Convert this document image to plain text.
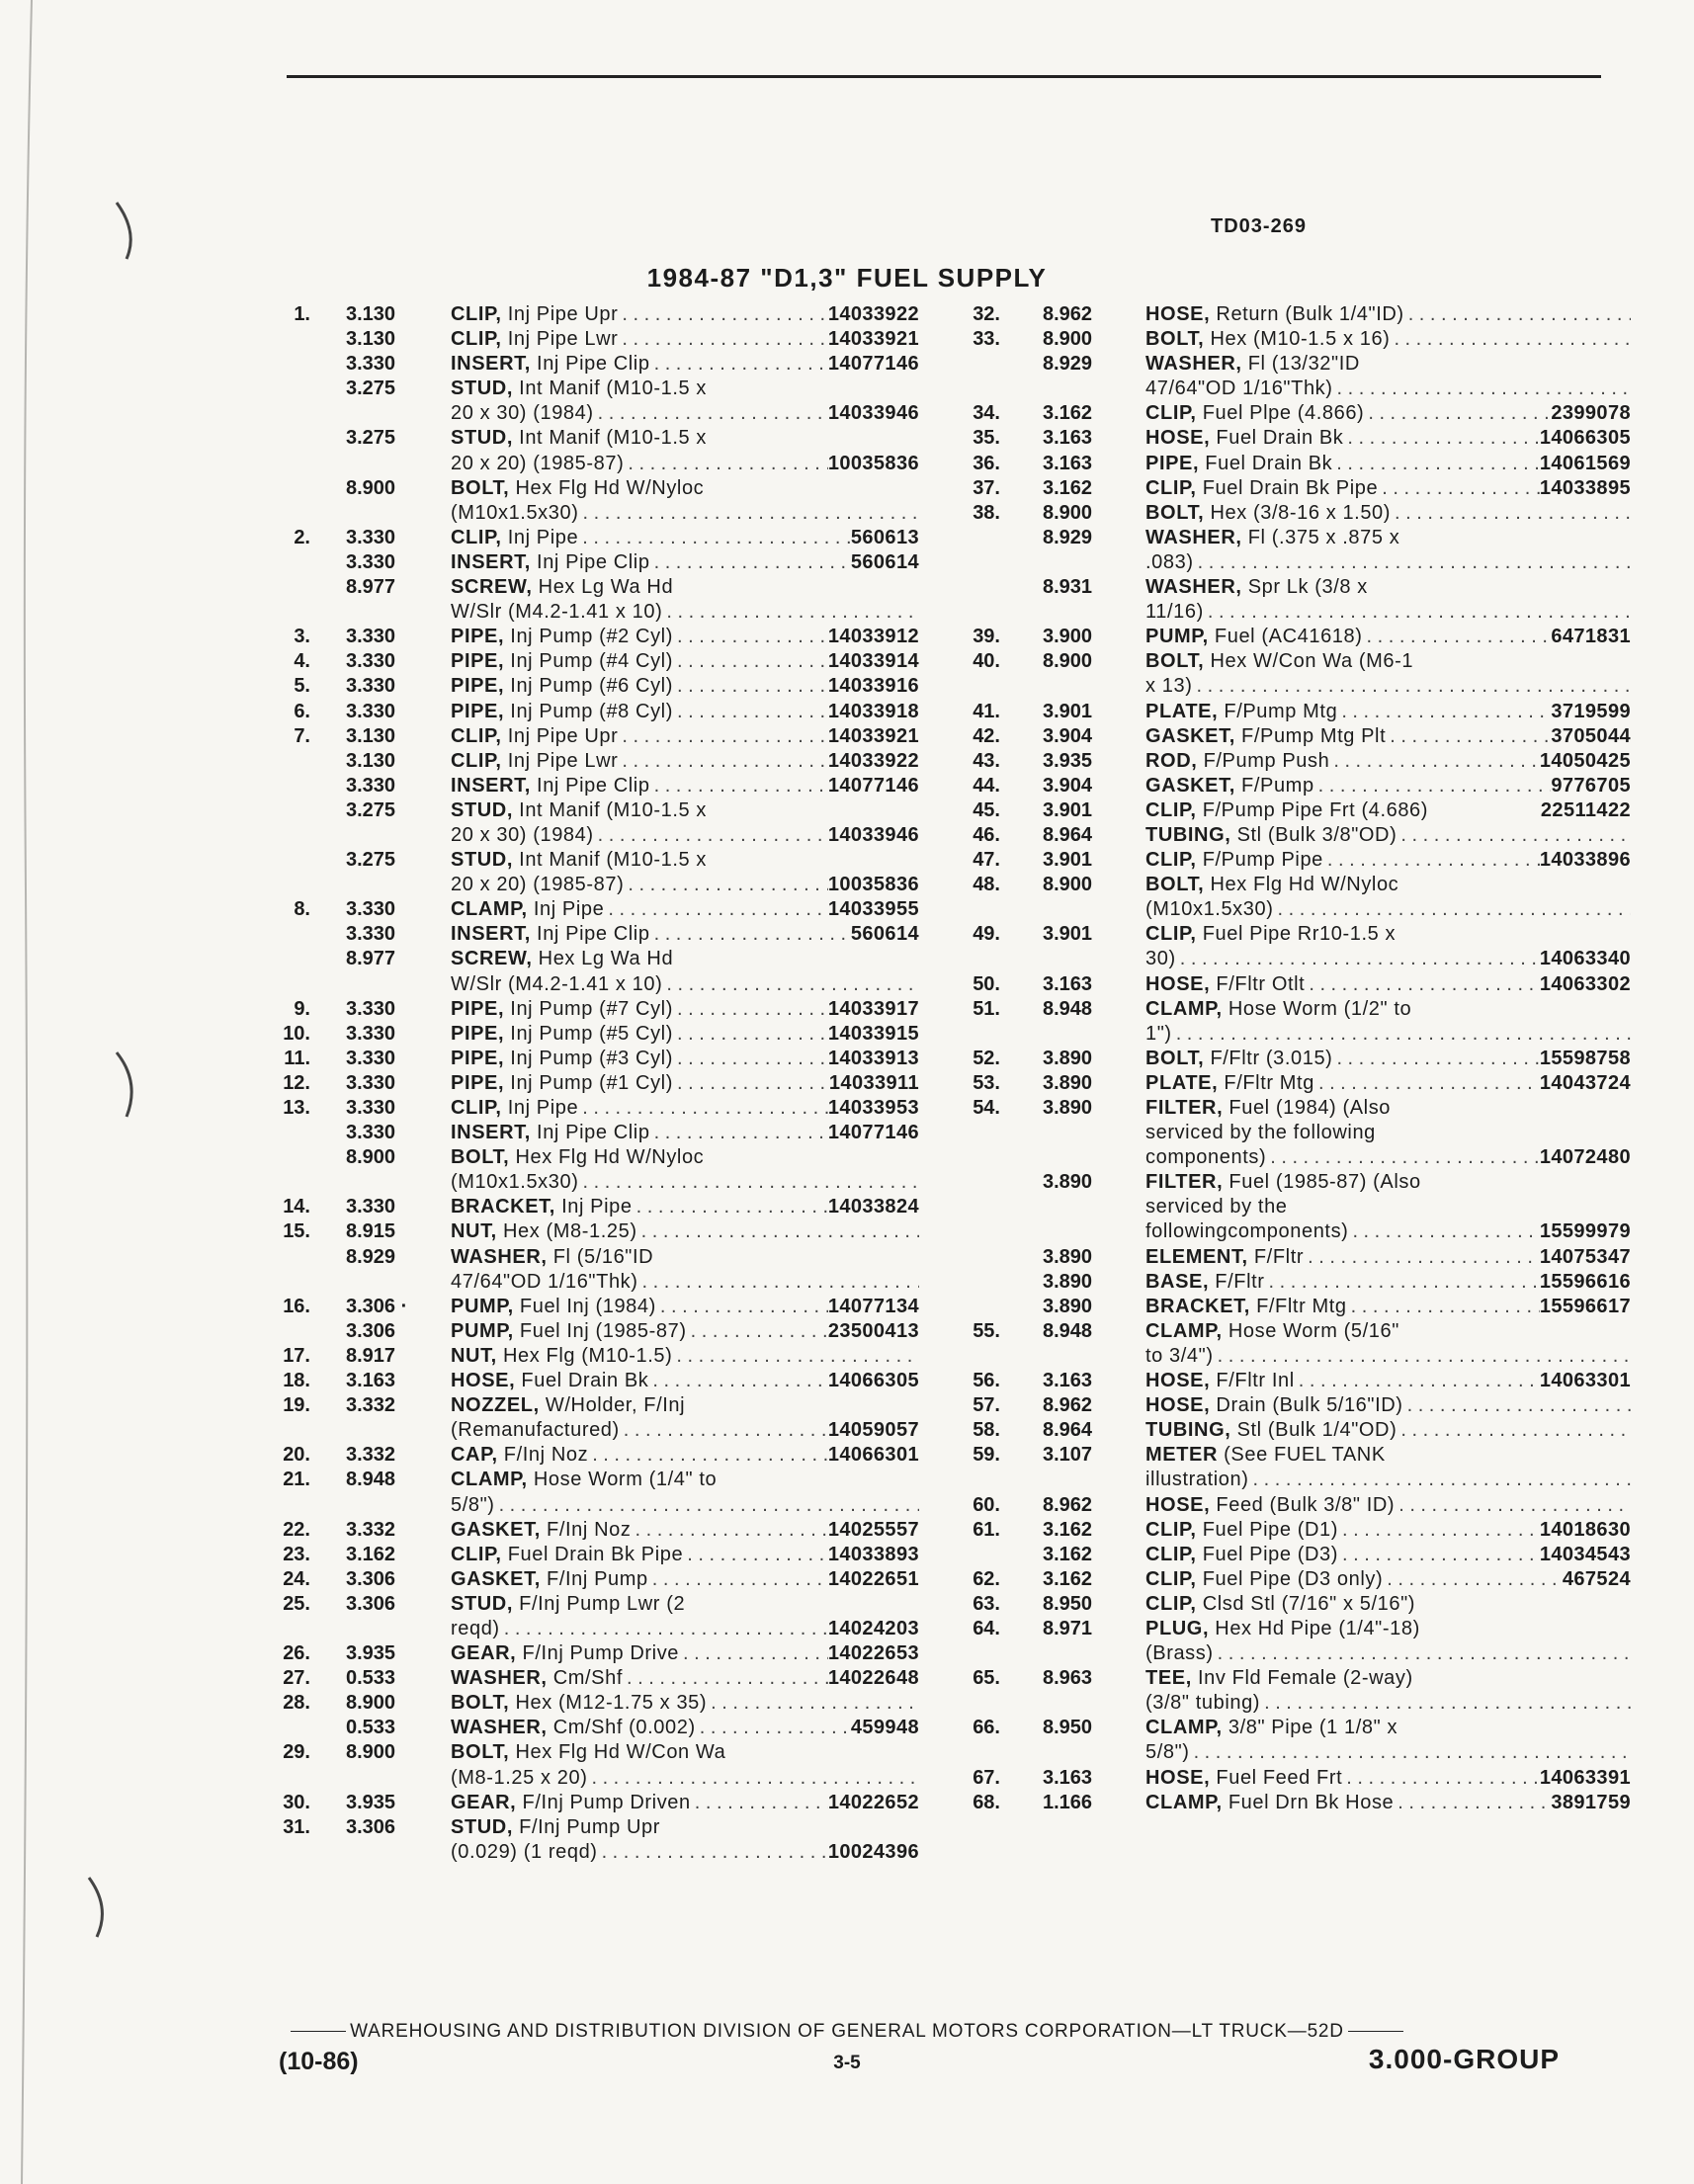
TD03-269
1984-87 "D1,3" FUEL SUPPLY
1. 3.130	CLIP, Inj Pipe Upr . . .	14033922
3.130	CLIP, Inj Pipe Lwr . . .	14033921
3.330	INSERT, Inj Pipe Clip . . .	14077146
3.275	STUD, Int Manif (M10-1.5 x
20 x 30) (1984) . . .	14033946
3.275	STUD, Int Manif (M10-1.5 x
20 x 20) (1985-87) . . .	10035836
8.900	BOLT, Hex Flg Hd W/Nyloc
(M10x1.5x30)
. . .
2. 3.330	CLIP, Inj Pipe . . .	560613
3.330	INSERT, Inj Pipe Clip . . .	560614
8.977	SCREW, Hex Lg Wa Hd
W/Slr (M4.2-1.41 x 10)
. . .
3. 3.330	PIPE, Inj Pump (#2 Cyl) . . .	14033912
4. 3.330	PIPE, Inj Pump (#4 Cyl) . . .	14033914
5. 3.330	PIPE, Inj Pump (#6 Cyl) . . .	14033916
6. 3.330	PIPE, Inj Pump (#8 Cyl) . . .	14033918
7. 3.130	CLIP, Inj Pipe Upr . . .	14033921
3.130	CLIP, Inj Pipe Lwr . . .	14033922
3.330	INSERT, Inj Pipe Clip . . .	14077146
3.275	STUD, Int Manif (M10-1.5 x
20 x 30) (1984) . . .	14033946
3.275	STUD, Int Manif (M10-1.5 x
20 x 20) (1985-87) . . .	10035836
8. 3.330	CLAMP, Inj Pipe . . .	14033955
3.330	INSERT, Inj Pipe Clip . . .	560614
8.977	SCREW, Hex Lg Wa Hd
W/Slr (M4.2-1.41 x 10)
. . .
9. 3.330	PIPE, Inj Pump (#7 Cyl) . . .	14033917
10. 3.330	PIPE, Inj Pump (#5 Cyl) . . .	14033915
11. 3.330	PIPE, Inj Pump (#3 Cyl) . . .	14033913
12. 3.330	PIPE, Inj Pump (#1 Cyl) . . .	14033911
13. 3.330	CLIP, Inj Pipe . . .	14033953
3.330	INSERT, Inj Pipe Clip . . .	14077146
8.900	BOLT, Hex Flg Hd W/Nyloc
(M10x1.5x30)
. . .
14. 3.330	BRACKET, Inj Pipe . . .	14033824
15. 8.915	NUT, Hex (M8-1.25)
. . .
8.929	WASHER, Fl (5/16"ID
47/64"OD 1/16"Thk)
. . .
16. 3.306 · PUMP, Fuel Inj (1984) . . .	14077134
3.306	PUMP, Fuel Inj (1985-87) . . .	23500413
17. 8.917	NUT, Hex Flg (M10-1.5)
. . .
18. 3.163	HOSE, Fuel Drain Bk . . .	14066305
19. 3.332	NOZZEL, W/Holder, F/Inj
(Remanufactured) . . .	14059057
20. 3.332	CAP, F/Inj Noz . . .	14066301
21. 8.948	CLAMP, Hose Worm (1/4" to
5/8")
. . .
22. 3.332	GASKET, F/Inj Noz . . .	14025557
23. 3.162	CLIP, Fuel Drain Bk Pipe . . .	14033893
24. 3.306	GASKET, F/Inj Pump . . .	14022651
25. 3.306	STUD, F/Inj Pump Lwr (2
reqd) . . .	14024203
26. 3.935	GEAR, F/Inj Pump Drive . . .	14022653
27. 0.533	WASHER, Cm/Shf . . .	14022648
28. 8.900	BOLT, Hex (M12-1.75 x 35)
. . .
0.533	WASHER, Cm/Shf (0.002) . . .	459948
29. 8.900	BOLT, Hex Flg Hd W/Con Wa
(M8-1.25 x 20)
. . .
30. 3.935	GEAR, F/Inj Pump Driven . . .	14022652
31. 3.306	STUD, F/Inj Pump Upr
(0.029) (1 reqd) . . .	10024396
32. 8.962	HOSE, Return (Bulk 1/4"ID)
. . .
33. 8.900	BOLT, Hex (M10-1.5 x 16)
. . .
8.929	WASHER, Fl (13/32"ID
47/64"OD 1/16"Thk)
. . .
34. 3.162	CLIP, Fuel Plpe (4.866) . . .	2399078
35. 3.163	HOSE, Fuel Drain Bk . . .	14066305
36. 3.163	PIPE, Fuel Drain Bk . . .	14061569
37. 3.162	CLIP, Fuel Drain Bk Pipe . . .	14033895
38. 8.900	BOLT, Hex (3/8-16 x 1.50)
. . .
8.929	WASHER, Fl (.375 x .875 x
.083)
. . .
8.931	WASHER, Spr Lk (3/8 x
11/16)
. . .
39. 3.900	PUMP, Fuel (AC41618) . . .	6471831
40. 8.900	BOLT, Hex W/Con Wa (M6-1
x 13)
. . .
41. 3.901	PLATE, F/Pump Mtg . . .	3719599
42. 3.904	GASKET, F/Pump Mtg Plt . . .	3705044
43. 3.935	ROD, F/Pump Push . . .	14050425
44. 3.904	GASKET, F/Pump . . .	9776705
45. 3.901	CLIP, F/Pump Pipe Frt (4.686)	22511422
46. 8.964	TUBING, Stl (Bulk 3/8"OD)
. . .
47. 3.901	CLIP, F/Pump Pipe . . .	14033896
48. 8.900	BOLT, Hex Flg Hd W/Nyloc
(M10x1.5x30)
. . .
49. 3.901	CLIP, Fuel Pipe Rr10-1.5 x
30) . . .	14063340
50. 3.163	HOSE, F/Fltr Otlt . . .	14063302
51. 8.948	CLAMP, Hose Worm (1/2" to
1")
. . .
52. 3.890	BOLT, F/Fltr (3.015) . . .	15598758
53. 3.890	PLATE, F/Fltr Mtg . . .	14043724
54. 3.890	FILTER, Fuel (1984) (Also
serviced by the following
components) . . .	14072480
3.890	FILTER, Fuel (1985-87) (Also
serviced by the
followingcomponents) . . .	15599979
3.890	ELEMENT, F/Fltr . . .	14075347
3.890	BASE, F/Fltr . . .	15596616
3.890	BRACKET, F/Fltr Mtg . . .	15596617
55. 8.948	CLAMP, Hose Worm (5/16"
to 3/4")
. . .
56. 3.163	HOSE, F/Fltr Inl . . .	14063301
57. 8.962	HOSE, Drain (Bulk 5/16"ID)
. . .
58. 8.964	TUBING, Stl (Bulk 1/4"OD)
. . .
59. 3.107	METER (See FUEL TANK
illustration)
. . .
60. 8.962	HOSE, Feed (Bulk 3/8" ID)
. . .
61. 3.162	CLIP, Fuel Pipe (D1) . . .	14018630
3.162	CLIP, Fuel Pipe (D3) . . .	14034543
62. 3.162	CLIP, Fuel Pipe (D3 only) . . .	467524
63. 8.950	CLIP, Clsd Stl (7/16" x 5/16")
64. 8.971	PLUG, Hex Hd Pipe (1/4"-18)
(Brass)
. . .
65. 8.963	TEE, Inv Fld Female (2-way)
(3/8" tubing)
. . .
66. 8.950	CLAMP, 3/8" Pipe (1 1/8" x
5/8")
. . .
67. 3.163	HOSE, Fuel Feed Frt . . .	14063391
68. 1.166	CLAMP, Fuel Drn Bk Hose . . .	3891759
WAREHOUSING AND DISTRIBUTION DIVISION OF GENERAL MOTORS CORPORATION—LT TRUCK—52D
(10-86)	3-5	3.000-GROUP
